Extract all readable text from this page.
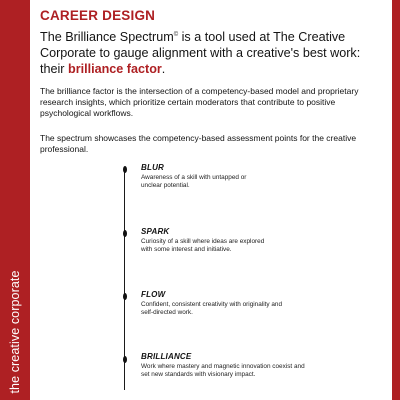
the creative corporate
CAREER DESIGN
The Brilliance Spectrum© is a tool used at The Creative Corporate to gauge alignment with a creative's best work: their brilliance factor.
The brilliance factor is the intersection of a competency-based model and proprietary research insights, which prioritize certain moderators that contribute to positive psychological workflows.
The spectrum showcases the competency-based assessment points for the creative professional.
BLUR
Awareness of a skill with untapped or unclear potential.
SPARK
Curiosity of a skill where ideas are explored with some interest and initiative.
FLOW
Confident, consistent creativity with originality and self-directed work.
BRILLIANCE
Work where mastery and magnetic innovation coexist and set new standards with visionary impact.
